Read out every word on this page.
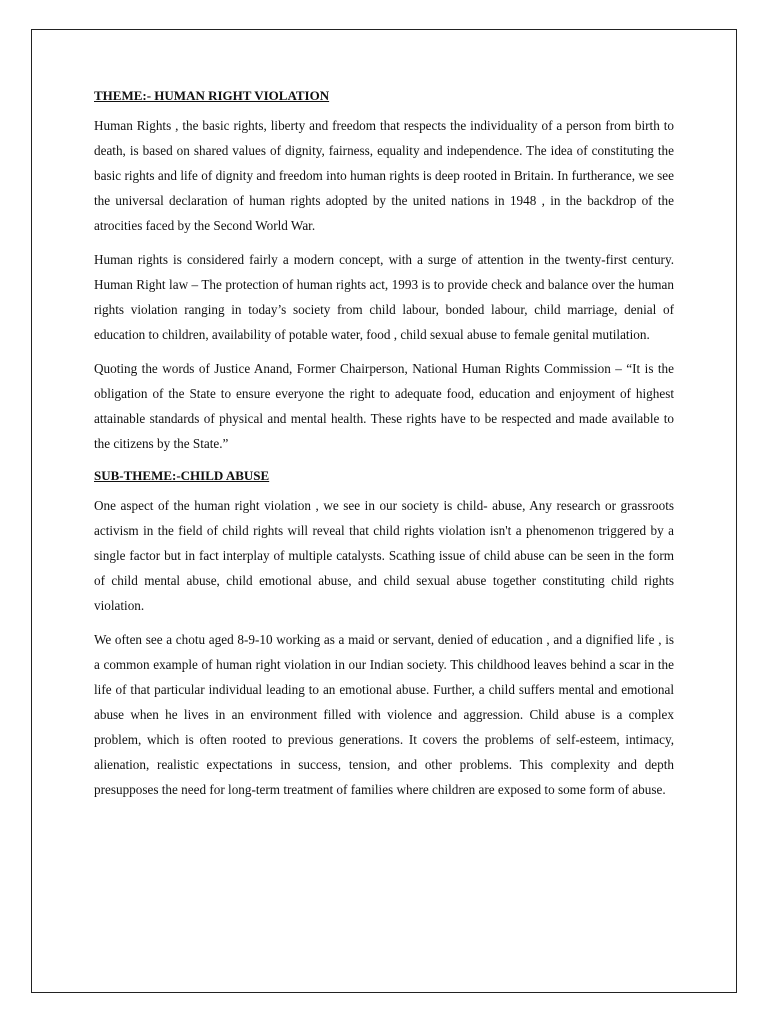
THEME:- HUMAN RIGHT VIOLATION

Human Rights , the basic rights, liberty and freedom that respects the individuality of a person from birth to death, is based on shared values of dignity, fairness, equality and independence. The idea of constituting the basic rights and life of dignity and freedom into human rights is deep rooted in Britain. In furtherance, we see the universal declaration of human rights adopted by the united nations in 1948 , in the backdrop of the atrocities faced by the Second World War.

Human rights is considered fairly a modern concept, with a surge of attention in the twenty-first century. Human Right law – The protection of human rights act, 1993 is to provide check and balance over the human rights violation ranging in today’s society from child labour, bonded labour, child marriage, denial of education to children, availability of potable water, food , child sexual abuse to female genital mutilation.

Quoting the words of Justice Anand, Former Chairperson, National Human Rights Commission – “It is the obligation of the State to ensure everyone the right to adequate food, education and enjoyment of highest attainable standards of physical and mental health. These rights have to be respected and made available to the citizens by the State.”

SUB-THEME:-CHILD ABUSE

One aspect of the human right violation , we see in our society is child- abuse, Any research or grassroots activism in the field of child rights will reveal that child rights violation isn't a phenomenon triggered by a single factor but in fact interplay of multiple catalysts. Scathing issue of child abuse can be seen in the form of child mental abuse, child emotional abuse, and child sexual abuse together constituting child rights violation.

We often see a chotu aged 8-9-10 working as a maid or servant, denied of education , and a dignified life , is a common example of human right violation in our Indian society. This childhood leaves behind a scar in the life of that particular individual leading to an emotional abuse. Further, a child suffers mental and emotional abuse when he lives in an environment filled with violence and aggression. Child abuse is a complex problem, which is often rooted to previous generations. It covers the problems of self-esteem, intimacy, alienation, realistic expectations in success, tension, and other problems. This complexity and depth presupposes the need for long-term treatment of families where children are exposed to some form of abuse.
